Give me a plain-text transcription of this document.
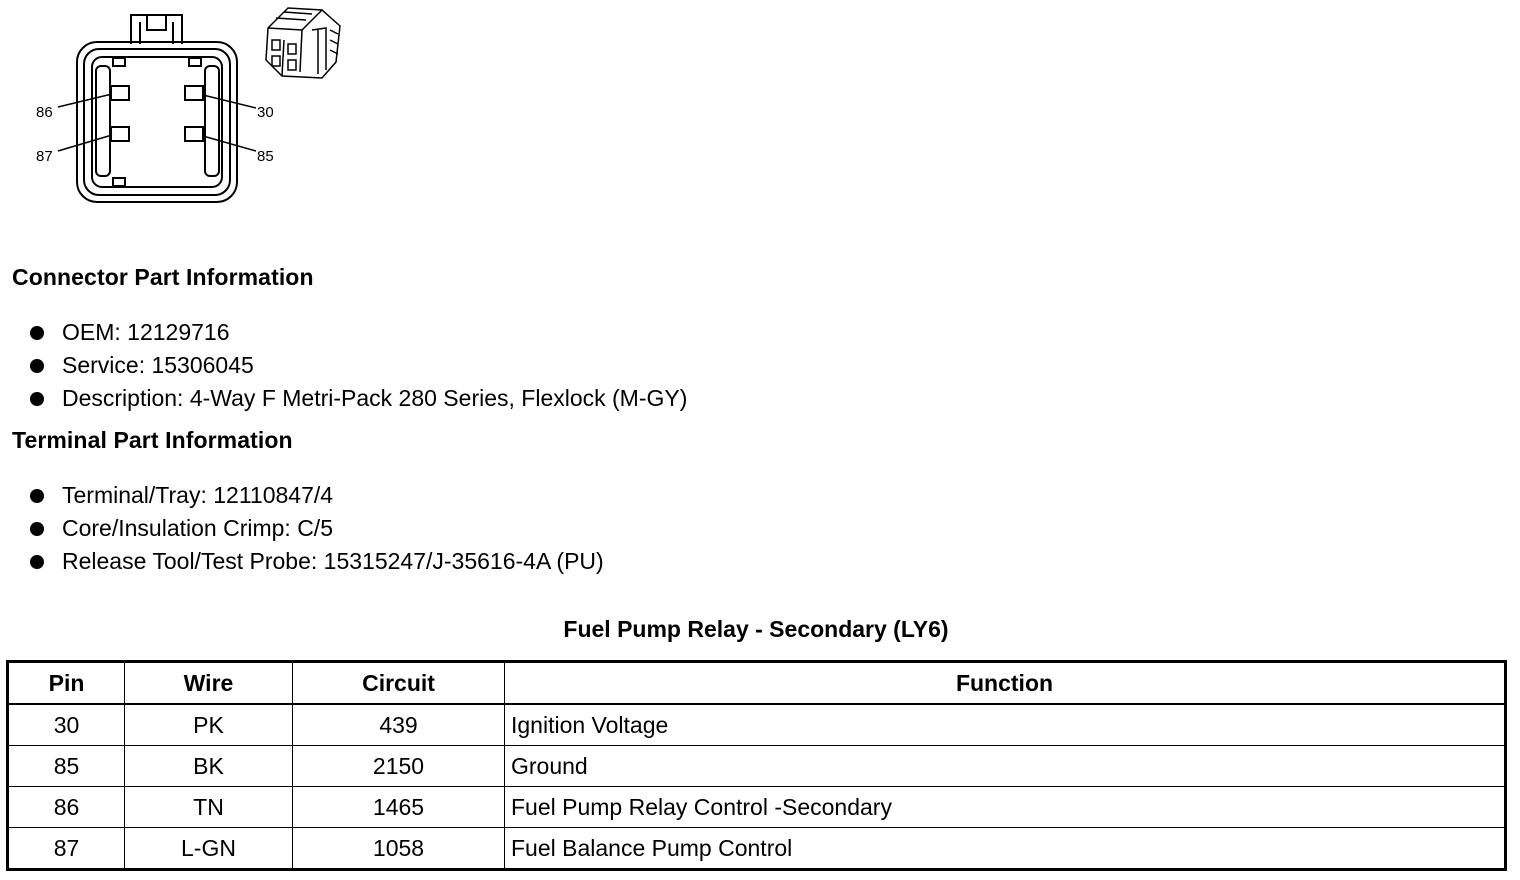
86	30
87	85
Connector Part Information
OEM: 12129716
Service: 15306045
Description: 4-Way F Metri-Pack 280 Series, Flexlock (M-GY)
Terminal Part Information
Terminal/Tray: 12110847/4
Core/Insulation Crimp: C/5
Release Tool/Test Probe: 15315247/J-35616-4A (PU)
Fuel Pump Relay - Secondary (LY6)
Pin	Wire	Circuit	Function
30	PK	439	Ignition Voltage
85	BK	2150	Ground
86	TN	1465	Fuel Pump Relay Control -Secondary
87	L-GN	1058	Fuel Balance Pump Control
